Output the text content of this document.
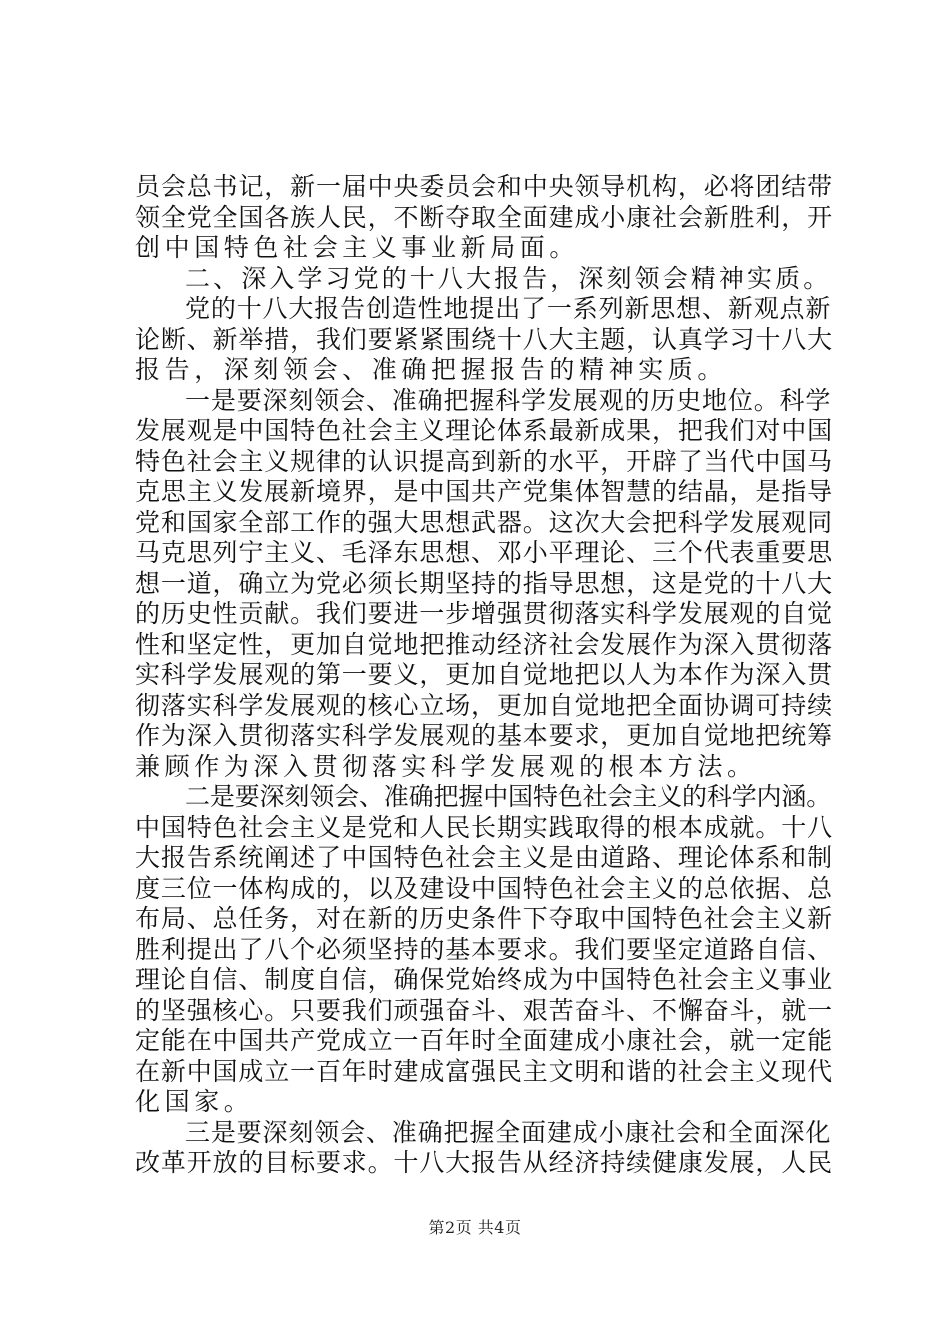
员会总书记，新一届中央委员会和中央领导机构，必将团结带
领全党全国各族人民，不断夺取全面建成小康社会新胜利，开
创中国特色社会主义事业新局面。
二、深入学习党的十八大报告，深刻领会精神实质。
党的十八大报告创造性地提出了一系列新思想、新观点新
论断、新举措，我们要紧紧围绕十八大主题，认真学习十八大
报告，深刻领会、准确把握报告的精神实质。
一是要深刻领会、准确把握科学发展观的历史地位。科学
发展观是中国特色社会主义理论体系最新成果，把我们对中国
特色社会主义规律的认识提高到新的水平，开辟了当代中国马
克思主义发展新境界，是中国共产党集体智慧的结晶，是指导
党和国家全部工作的强大思想武器。这次大会把科学发展观同
马克思列宁主义、毛泽东思想、邓小平理论、三个代表重要思
想一道，确立为党必须长期坚持的指导思想，这是党的十八大
的历史性贡献。我们要进一步增强贯彻落实科学发展观的自觉
性和坚定性，更加自觉地把推动经济社会发展作为深入贯彻落
实科学发展观的第一要义，更加自觉地把以人为本作为深入贯
彻落实科学发展观的核心立场，更加自觉地把全面协调可持续
作为深入贯彻落实科学发展观的基本要求，更加自觉地把统筹
兼顾作为深入贯彻落实科学发展观的根本方法。
二是要深刻领会、准确把握中国特色社会主义的科学内涵。
中国特色社会主义是党和人民长期实践取得的根本成就。十八
大报告系统阐述了中国特色社会主义是由道路、理论体系和制
度三位一体构成的，以及建设中国特色社会主义的总依据、总
布局、总任务，对在新的历史条件下夺取中国特色社会主义新
胜利提出了八个必须坚持的基本要求。我们要坚定道路自信、
理论自信、制度自信，确保党始终成为中国特色社会主义事业
的坚强核心。只要我们顽强奋斗、艰苦奋斗、不懈奋斗，就一
定能在中国共产党成立一百年时全面建成小康社会，就一定能
在新中国成立一百年时建成富强民主文明和谐的社会主义现代
化国家。
三是要深刻领会、准确把握全面建成小康社会和全面深化
改革开放的目标要求。十八大报告从经济持续健康发展，人民
第2页 共4页
